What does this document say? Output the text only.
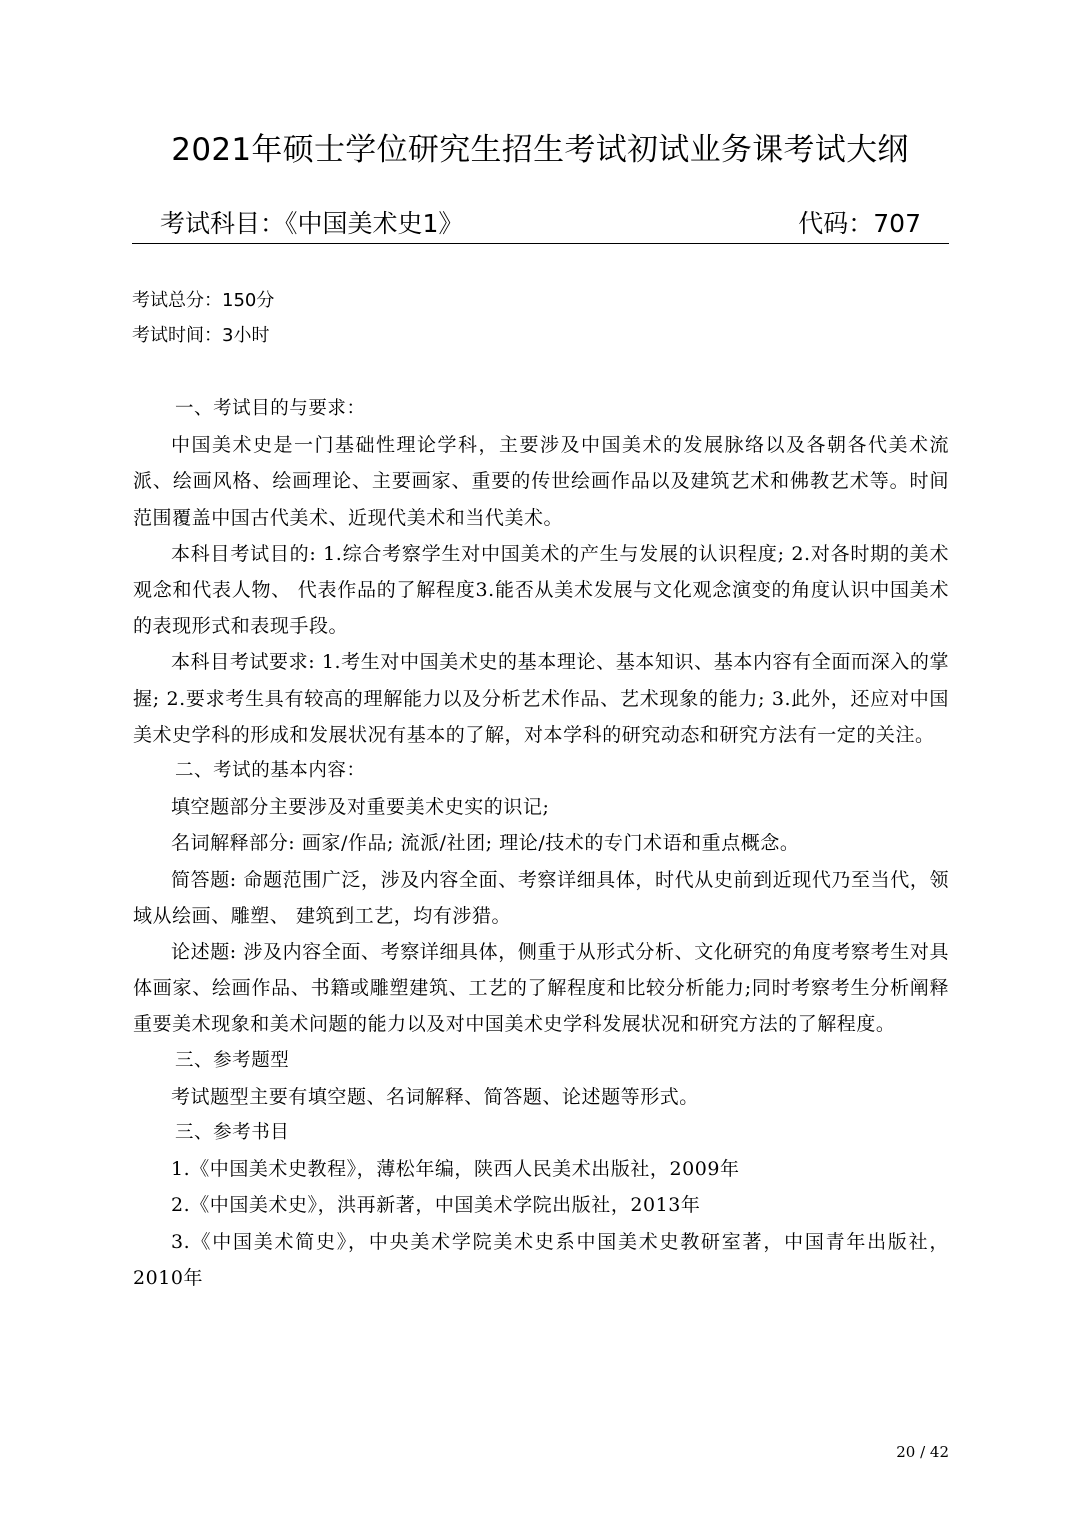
2021年硕士学位研究生招生考试初试业务课考试大纲
考试科目：《中国美术史1》	代码：707
考试总分：150分
考试时间：3小时
一、考试目的与要求：

中国美术史是一门基础性理论学科，主要涉及中国美术的发展脉络以及各朝各代美术流派、绘画风格、绘画理论、主要画家、重要的传世绘画作品以及建筑艺术和佛教艺术等。时间范围覆盖中国古代美术、近现代美术和当代美术。

本科目考试目的: 1.综合考察学生对中国美术的产生与发展的认识程度; 2.对各时期的美术观念和代表人物、 代表作品的了解程度3.能否从美术发展与文化观念演变的角度认识中国美术的表现形式和表现手段。

本科目考试要求: 1.考生对中国美术史的基本理论、基本知识、基本内容有全面而深入的掌握; 2.要求考生具有较高的理解能力以及分析艺术作品、艺术现象的能力; 3.此外，还应对中国美术史学科的形成和发展状况有基本的了解，对本学科的研究动态和研究方法有一定的关注。

二、考试的基本内容：

填空题部分主要涉及对重要美术史实的识记;

名词解释部分: 画家/作品; 流派/社团; 理论/技术的专门术语和重点概念。

简答题: 命题范围广泛，涉及内容全面、考察详细具体，时代从史前到近现代乃至当代，领域从绘画、雕塑、 建筑到工艺，均有涉猎。

论述题: 涉及内容全面、考察详细具体，侧重于从形式分析、文化研究的角度考察考生对具体画家、绘画作品、书籍或雕塑建筑、工艺的了解程度和比较分析能力;同时考察考生分析阐释重要美术现象和美术问题的能力以及对中国美术史学科发展状况和研究方法的了解程度。

三、参考题型

考试题型主要有填空题、名词解释、简答题、论述题等形式。

三、参考书目

1.《中国美术史教程》，薄松年编，陕西人民美术出版社，2009年

2.《中国美术史》，洪再新著，中国美术学院出版社，2013年

3.《中国美术简史》，中央美术学院美术史系中国美术史教研室著，中国青年出版社，2010年

20 / 42
